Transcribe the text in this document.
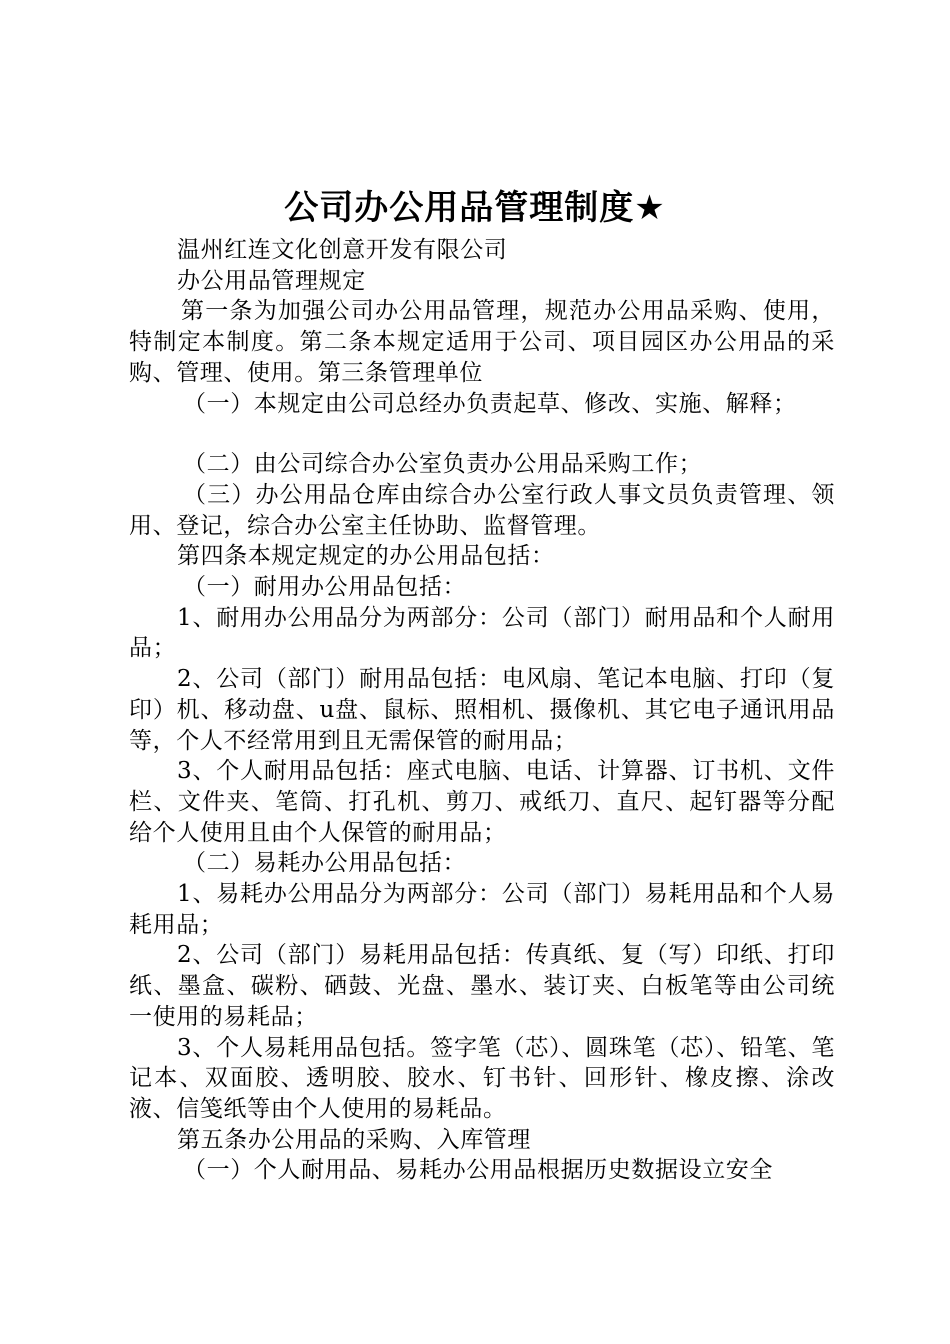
公司办公用品管理制度★

温州红连文化创意开发有限公司

办公用品管理规定

第一条为加强公司办公用品管理，规范办公用品采购、使用，特制定本制度。第二条本规定适用于公司、项目园区办公用品的采购、管理、使用。第三条管理单位

（一）本规定由公司总经办负责起草、修改、实施、解释；

（二）由公司综合办公室负责办公用品采购工作；

（三）办公用品仓库由综合办公室行政人事文员负责管理、领用、登记，综合办公室主任协助、监督管理。

第四条本规定规定的办公用品包括：

（一）耐用办公用品包括：

1、耐用办公用品分为两部分：公司（部门）耐用品和个人耐用品；

2、公司（部门）耐用品包括：电风扇、笔记本电脑、打印（复印）机、移动盘、u盘、鼠标、照相机、摄像机、其它电子通讯用品等，个人不经常用到且无需保管的耐用品；

3、个人耐用品包括：座式电脑、电话、计算器、订书机、文件栏、文件夹、笔筒、打孔机、剪刀、戒纸刀、直尺、起钉器等分配给个人使用且由个人保管的耐用品；

（二）易耗办公用品包括：

1、易耗办公用品分为两部分：公司（部门）易耗用品和个人易耗用品；

2、公司（部门）易耗用品包括：传真纸、复（写）印纸、打印纸、墨盒、碳粉、硒鼓、光盘、墨水、装订夹、白板笔等由公司统一使用的易耗品；

3、个人易耗用品包括。签字笔（芯）、圆珠笔（芯）、铅笔、笔记本、双面胶、透明胶、胶水、钉书针、回形针、橡皮擦、涂改液、信笺纸等由个人使用的易耗品。

第五条办公用品的采购、入库管理

（一）个人耐用品、易耗办公用品根据历史数据设立安全
